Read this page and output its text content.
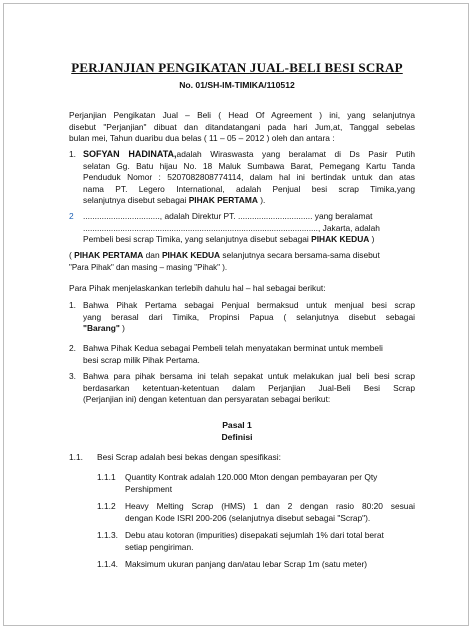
PERJANJIAN PENGIKATAN JUAL-BELI BESI SCRAP
No. 01/SH-IM-TIMIKA/110512
Perjanjian Pengikatan Jual – Beli ( Head Of Agreement ) ini, yang selanjutnya
disebut "Perjanjian" dibuat dan ditandatangani pada hari Jum,at, Tanggal sebelas
bulan mei, Tahun duaribu dua belas ( 11 – 05 – 2012 ) oleh dan antara :
1. SOFYAN HADINATA,adalah Wiraswasta yang beralamat di Ds Pasir Putih
selatan Gg. Batu hijau No. 18 Maluk Sumbawa Barat, Pemegang Kartu Tanda
Penduduk Nomor : 5207082808774114, dalam hal ini bertindak untuk dan atas
nama PT. Legero International, adalah Penjual besi scrap Timika,yang
selanjutnya disebut sebagai PIHAK PERTAMA ).
2 ................................., adalah Direktur PT. ................................ yang beralamat
....................................................................................................., Jakarta, adalah
Pembeli besi scrap Timika, yang selanjutnya disebut sebagai PIHAK KEDUA )
( PIHAK PERTAMA dan PIHAK KEDUA selanjutnya secara bersama-sama disebut
"Para Pihak" dan masing – masing "Pihak" ).
Para Pihak menjelaskankan terlebih dahulu hal – hal sebagai berikut:
1. Bahwa Pihak Pertama sebagai Penjual bermaksud untuk menjual besi scrap
yang berasal dari Timika, Propinsi Papua ( selanjutnya disebut sebagai
"Barang" )
2. Bahwa Pihak Kedua sebagai Pembeli telah menyatakan berminat untuk membeli
besi scrap milik Pihak Pertama.
3. Bahwa para pihak bersama ini telah sepakat untuk melakukan jual beli besi scrap
berdasarkan ketentuan-ketentuan dalam Perjanjian Jual-Beli Besi Scrap
(Perjanjian ini) dengan ketentuan dan persyaratan sebagai berikut:
Pasal 1
Definisi
1.1. Besi Scrap adalah besi bekas dengan spesifikasi:
1.1.1 Quantity Kontrak adalah 120.000 Mton dengan pembayaran per Qty
Pershipment
1.1.2 Heavy Melting Scrap (HMS) 1 dan 2 dengan rasio 80:20 sesuai
dengan Kode ISRI 200-206 (selanjutnya disebut sebagai "Scrap").
1.1.3. Debu atau kotoran (impurities) disepakati sejumlah 1% dari total berat
setiap pengiriman.
1.1.4. Maksimum ukuran panjang dan/atau lebar Scrap 1m (satu meter)
